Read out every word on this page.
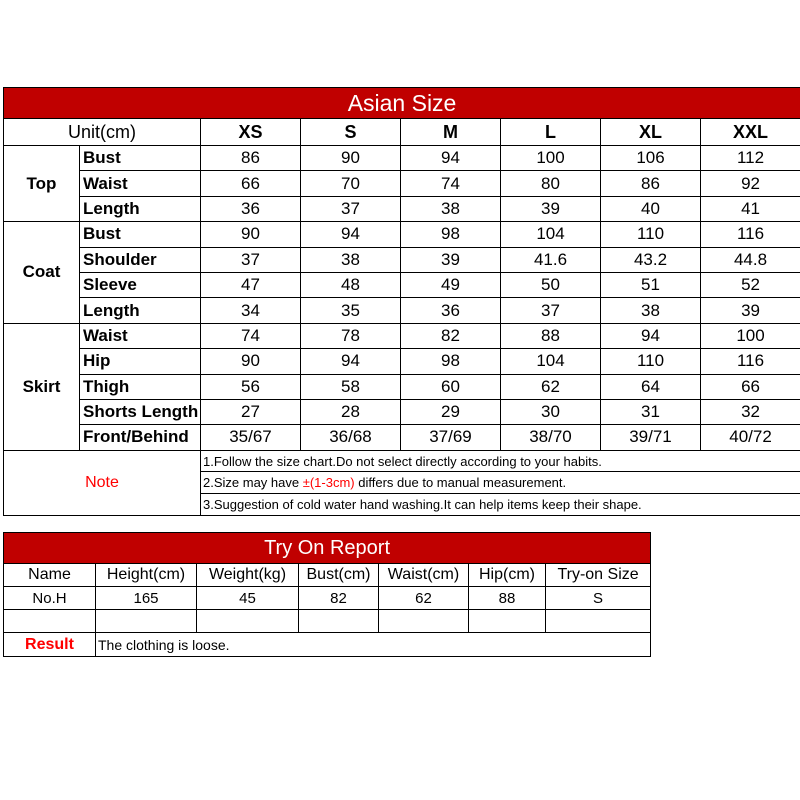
Asian Size							
Unit(cm)		XS	S	M	L	XL	XXL
Top	Bust	86	90	94	100	106	112
	Waist	66	70	74	80	86	92
	Length	36	37	38	39	40	41
Coat	Bust	90	94	98	104	110	116
	Shoulder	37	38	39	41.6	43.2	44.8
	Sleeve	47	48	49	50	51	52
	Length	34	35	36	37	38	39
Skirt	Waist	74	78	82	88	94	100
	Hip	90	94	98	104	110	116
	Thigh	56	58	60	62	64	66
	Shorts Length	27	28	29	30	31	32
	Front/Behind	35/67	36/68	37/69	38/70	39/71	40/72
Note		1.Follow the size chart.Do not select directly according to your habits.					
		2.Size may have ±(1-3cm) differs due to manual measurement.					
		3.Suggestion of cold water hand washing.It can help items keep their shape.					
Try On Report						
Name	Height(cm)	Weight(kg)	Bust(cm)	Waist(cm)	Hip(cm)	Try-on Size
No.H	165	45	82	62	88	S

Result	The clothing is loose.					
